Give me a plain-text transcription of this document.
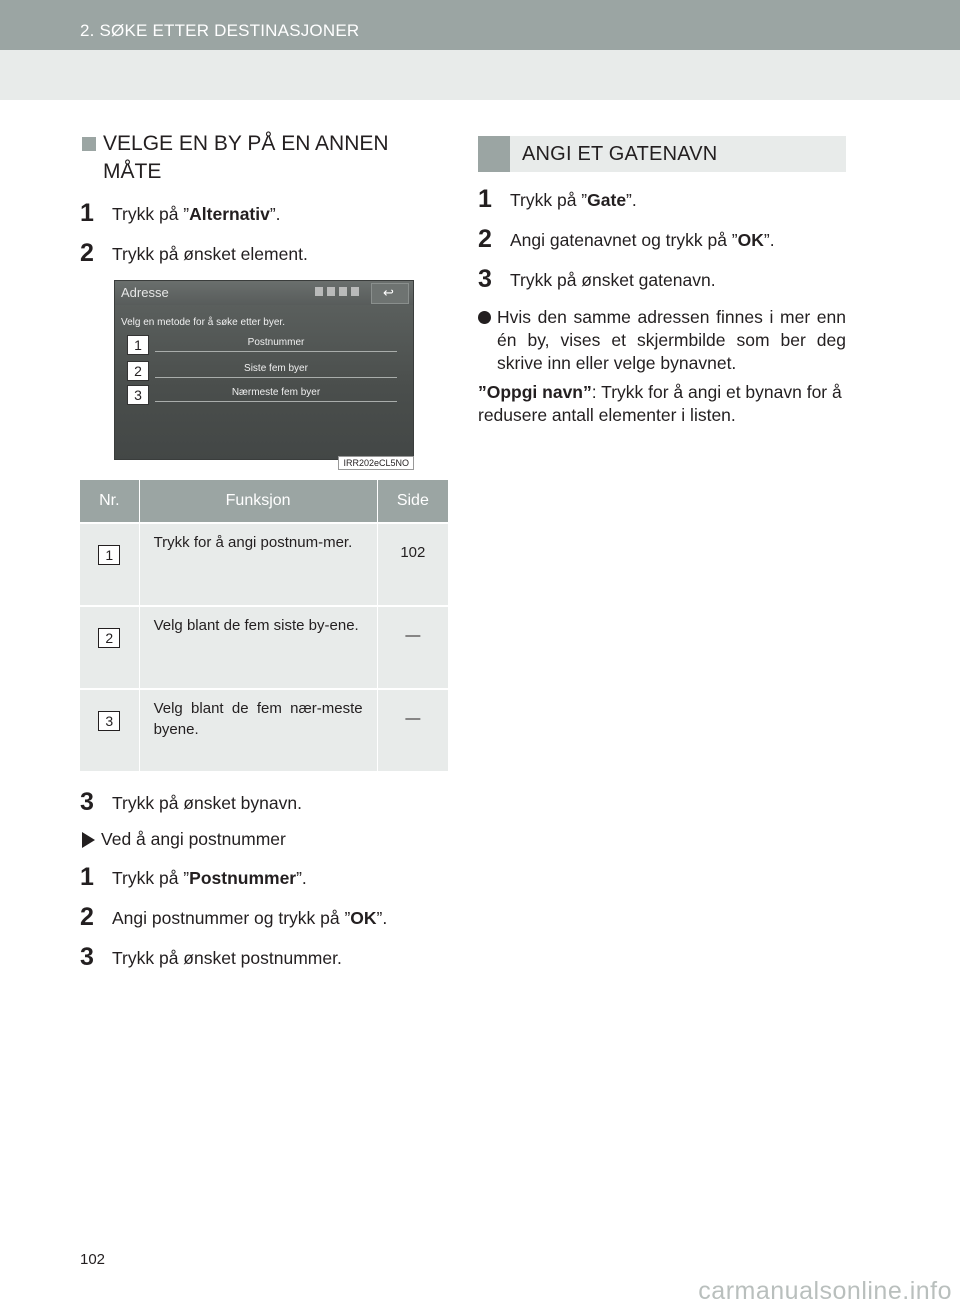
2. SØKE ETTER DESTINASJONER
VELGE EN BY PÅ EN ANNEN MÅTE
1	Trykk på ”Alternativ”.
2	Trykk på ønsket element.
Adresse	↩
Velg en metode for å søke etter byer.
1	Postnummer
2	Siste fem byer
3	Nærmeste fem byer
IRR202eCL5NO
Nr.	Funksjon	Side
1	Trykk for å angi postnum-mer.	102
2	Velg blant de fem siste by-ene.	—
3	Velg blant de fem nær-meste byene.	—
3	Trykk på ønsket bynavn.
Ved å angi postnummer
1	Trykk på ”Postnummer”.
2	Angi postnummer og trykk på ”OK”.
3	Trykk på ønsket postnummer.
ANGI ET GATENAVN
1	Trykk på ”Gate”.
2	Angi gatenavnet og trykk på ”OK”.
3	Trykk på ønsket gatenavn.
Hvis den samme adressen finnes i mer enn én by, vises et skjermbilde som ber deg skrive inn eller velge bynavnet.
”Oppgi navn”: Trykk for å angi et bynavn for å redusere antall elementer i listen.
102
carmanualsonline.info
